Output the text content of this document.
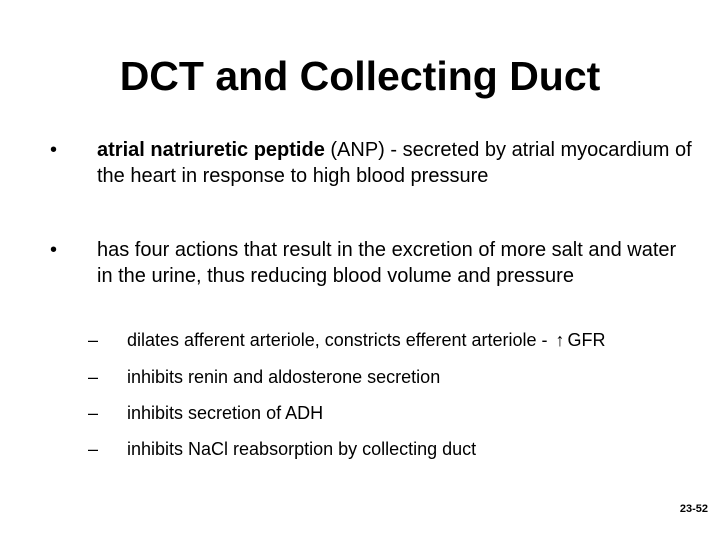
DCT and Collecting Duct
• atrial natriuretic peptide (ANP) - secreted by atrial myocardium of the heart in response to high blood pressure
• has four actions that result in the excretion of more salt and water in the urine, thus reducing blood volume and pressure
– dilates afferent arteriole, constricts efferent arteriole - ↑ GFR
– inhibits renin and aldosterone secretion
– inhibits secretion of ADH
– inhibits NaCl reabsorption by collecting duct
23-52
